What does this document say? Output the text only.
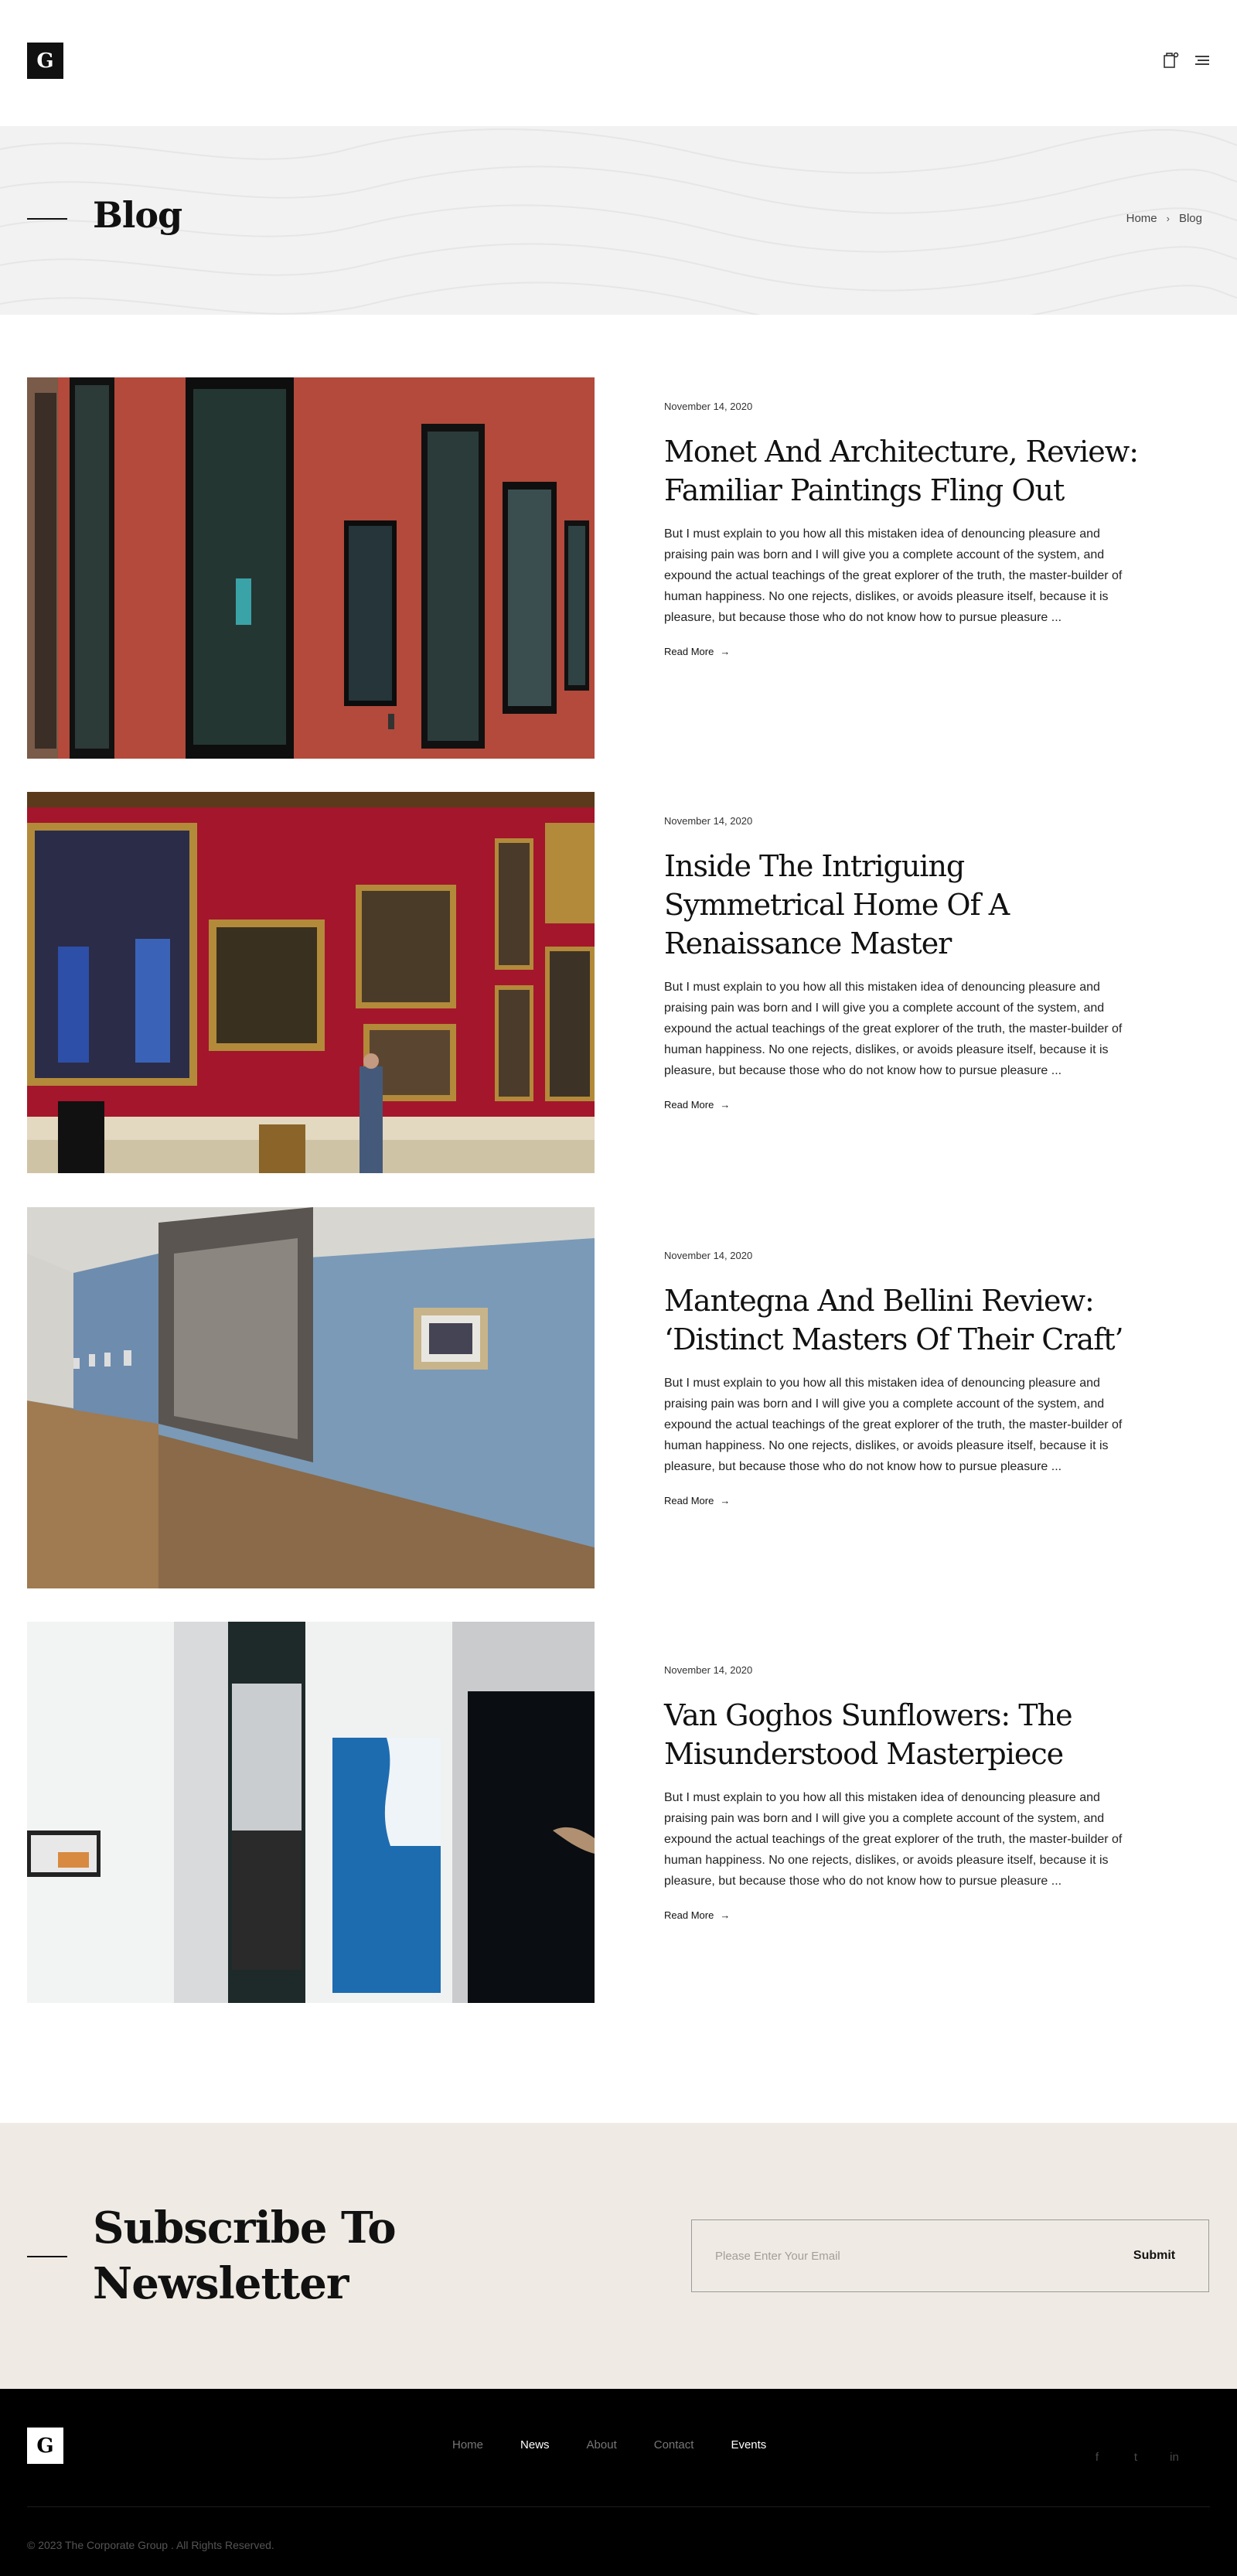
G
Blog	Home › Blog
November 14, 2020
Monet And Architecture, Review: Familiar Paintings Fling Out

But I must explain to you how all this mistaken idea of denouncing pleasure and praising pain was born and I will give you a complete account of the system, and expound the actual teachings of the great explorer of the truth, the master-builder of human happiness. No one rejects, dislikes, or avoids pleasure itself, because it is pleasure, but because those who do not know how to pursue pleasure ...

Read More →
November 14, 2020
Inside The Intriguing Symmetrical Home Of A Renaissance Master

But I must explain to you how all this mistaken idea of denouncing pleasure and praising pain was born and I will give you a complete account of the system, and expound the actual teachings of the great explorer of the truth, the master-builder of human happiness. No one rejects, dislikes, or avoids pleasure itself, because it is pleasure, but because those who do not know how to pursue pleasure ...

Read More →
November 14, 2020
Mantegna And Bellini Review: ‘Distinct Masters Of Their Craft’

But I must explain to you how all this mistaken idea of denouncing pleasure and praising pain was born and I will give you a complete account of the system, and expound the actual teachings of the great explorer of the truth, the master-builder of human happiness. No one rejects, dislikes, or avoids pleasure itself, because it is pleasure, but because those who do not know how to pursue pleasure ...

Read More →
November 14, 2020
Van Goghos Sunflowers: The Misunderstood Masterpiece

But I must explain to you how all this mistaken idea of denouncing pleasure and praising pain was born and I will give you a complete account of the system, and expound the actual teachings of the great explorer of the truth, the master-builder of human happiness. No one rejects, dislikes, or avoids pleasure itself, because it is pleasure, but because those who do not know how to pursue pleasure ...

Read More →
Subscribe To
Newsletter
Please Enter Your Email
Submit
G	Home	News	About	Contact	Events
f	t	in
© 2023 The Corporate Group . All Rights Reserved.
